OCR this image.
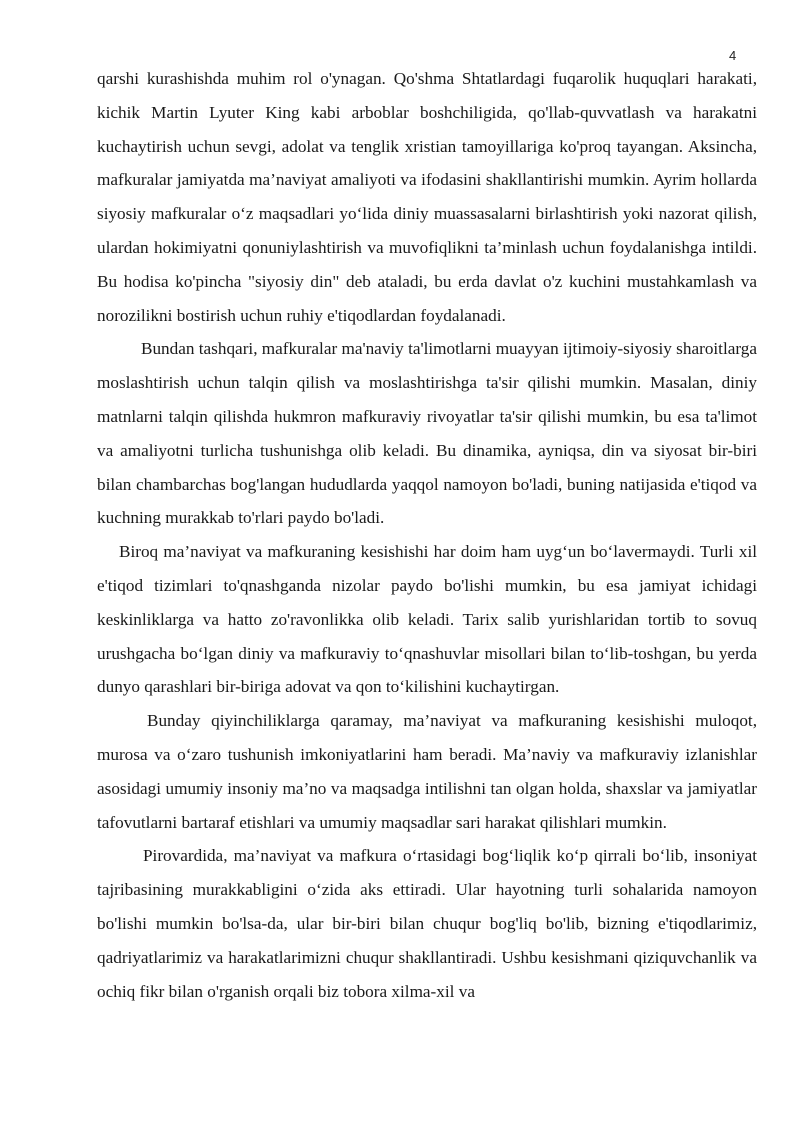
4

qarshi kurashishda muhim rol o'ynagan. Qo'shma Shtatlardagi fuqarolik huquqlari harakati, kichik Martin Lyuter King kabi arboblar boshchiligida, qo'llab-quvvatlash va harakatni kuchaytirish uchun sevgi, adolat va tenglik xristian tamoyillariga ko'proq tayangan. Aksincha, mafkuralar jamiyatda ma’naviyat amaliyoti va ifodasini shakllantirishi mumkin. Ayrim hollarda siyosiy mafkuralar o‘z maqsadlari yo‘lida diniy muassasalarni birlashtirish yoki nazorat qilish, ulardan hokimiyatni qonuniylashtirish va muvofiqlikni ta’minlash uchun foydalanishga intildi. Bu hodisa ko'pincha "siyosiy din" deb ataladi, bu erda davlat o'z kuchini mustahkamlash va norozilikni bostirish uchun ruhiy e'tiqodlardan foydalanadi.

Bundan tashqari, mafkuralar ma'naviy ta'limotlarni muayyan ijtimoiy-siyosiy sharoitlarga moslashtirish uchun talqin qilish va moslashtirishga ta'sir qilishi mumkin. Masalan, diniy matnlarni talqin qilishda hukmron mafkuraviy rivoyatlar ta'sir qilishi mumkin, bu esa ta'limot va amaliyotni turlicha tushunishga olib keladi. Bu dinamika, ayniqsa, din va siyosat bir-biri bilan chambarchas bog'langan hududlarda yaqqol namoyon bo'ladi, buning natijasida e'tiqod va kuchning murakkab to'rlari paydo bo'ladi.

Biroq ma’naviyat va mafkuraning kesishishi har doim ham uyg‘un bo‘lavermaydi. Turli xil e'tiqod tizimlari to'qnashganda nizolar paydo bo'lishi mumkin, bu esa jamiyat ichidagi keskinliklarga va hatto zo'ravonlikka olib keladi. Tarix salib yurishlaridan tortib to sovuq urushgacha bo‘lgan diniy va mafkuraviy to‘qnashuvlar misollari bilan to‘lib-toshgan, bu yerda dunyo qarashlari bir-biriga adovat va qon to‘kilishini kuchaytirgan.

Bunday qiyinchiliklarga qaramay, ma’naviyat va mafkuraning kesishishi muloqot, murosa va o‘zaro tushunish imkoniyatlarini ham beradi. Ma’naviy va mafkuraviy izlanishlar asosidagi umumiy insoniy ma’no va maqsadga intilishni tan olgan holda, shaxslar va jamiyatlar tafovutlarni bartaraf etishlari va umumiy maqsadlar sari harakat qilishlari mumkin.

Pirovardida, ma’naviyat va mafkura o‘rtasidagi bog‘liqlik ko‘p qirrali bo‘lib, insoniyat tajribasining murakkabligini o‘zida aks ettiradi. Ular hayotning turli sohalarida namoyon bo'lishi mumkin bo'lsa-da, ular bir-biri bilan chuqur bog'liq bo'lib, bizning e'tiqodlarimiz, qadriyatlarimiz va harakatlarimizni chuqur shakllantiradi. Ushbu kesishmani qiziquvchanlik va ochiq fikr bilan o'rganish orqali biz tobora xilma-xil va
